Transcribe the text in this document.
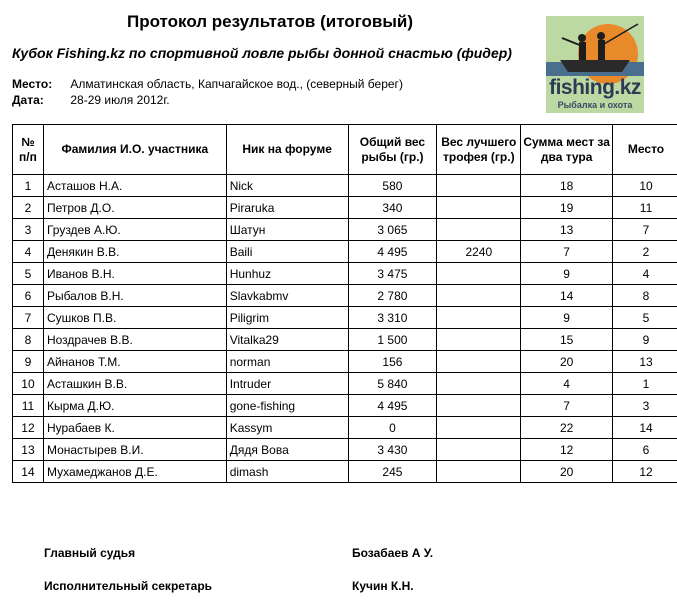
Протокол результатов (итоговый)
Кубок Fishing.kz по спортивной ловле рыбы донной снастью (фидер)
Место: Алматинская область, Капчагайское вод., (северный берег)
Дата: 28-29 июля 2012г.
fishing.kz
Рыбалка и охота
№ п/п	Фамилия И.О. участника	Ник на форуме	Общий вес рыбы (гр.)	Вес лучшего трофея (гр.)	Сумма мест за два тура	Место
1	Асташов Н.А.	Nick	580		18	10
2	Петров Д.О.	Piraruka	340		19	11
3	Груздев А.Ю.	Шатун	3 065		13	7
4	Денякин В.В.	Baili	4 495	2240	7	2
5	Иванов В.Н.	Hunhuz	3 475		9	4
6	Рыбалов В.Н.	Slavkabmv	2 780		14	8
7	Сушков П.В.	Piligrim	3 310		9	5
8	Ноздрачев В.В.	Vitalka29	1 500		15	9
9	Айнанов Т.М.	norman	156		20	13
10	Асташкин В.В.	Intruder	5 840		4	1
11	Кырма Д.Ю.	gone-fishing	4 495		7	3
12	Нурабаев К.	Kassym	0		22	14
13	Монастырев В.И.	Дядя Вова	3 430		12	6
14	Мухамеджанов Д.Е.	dimash	245		20	12
Главный судья	Бозабаев А У.
Исполнительный секретарь	Кучин К.Н.
